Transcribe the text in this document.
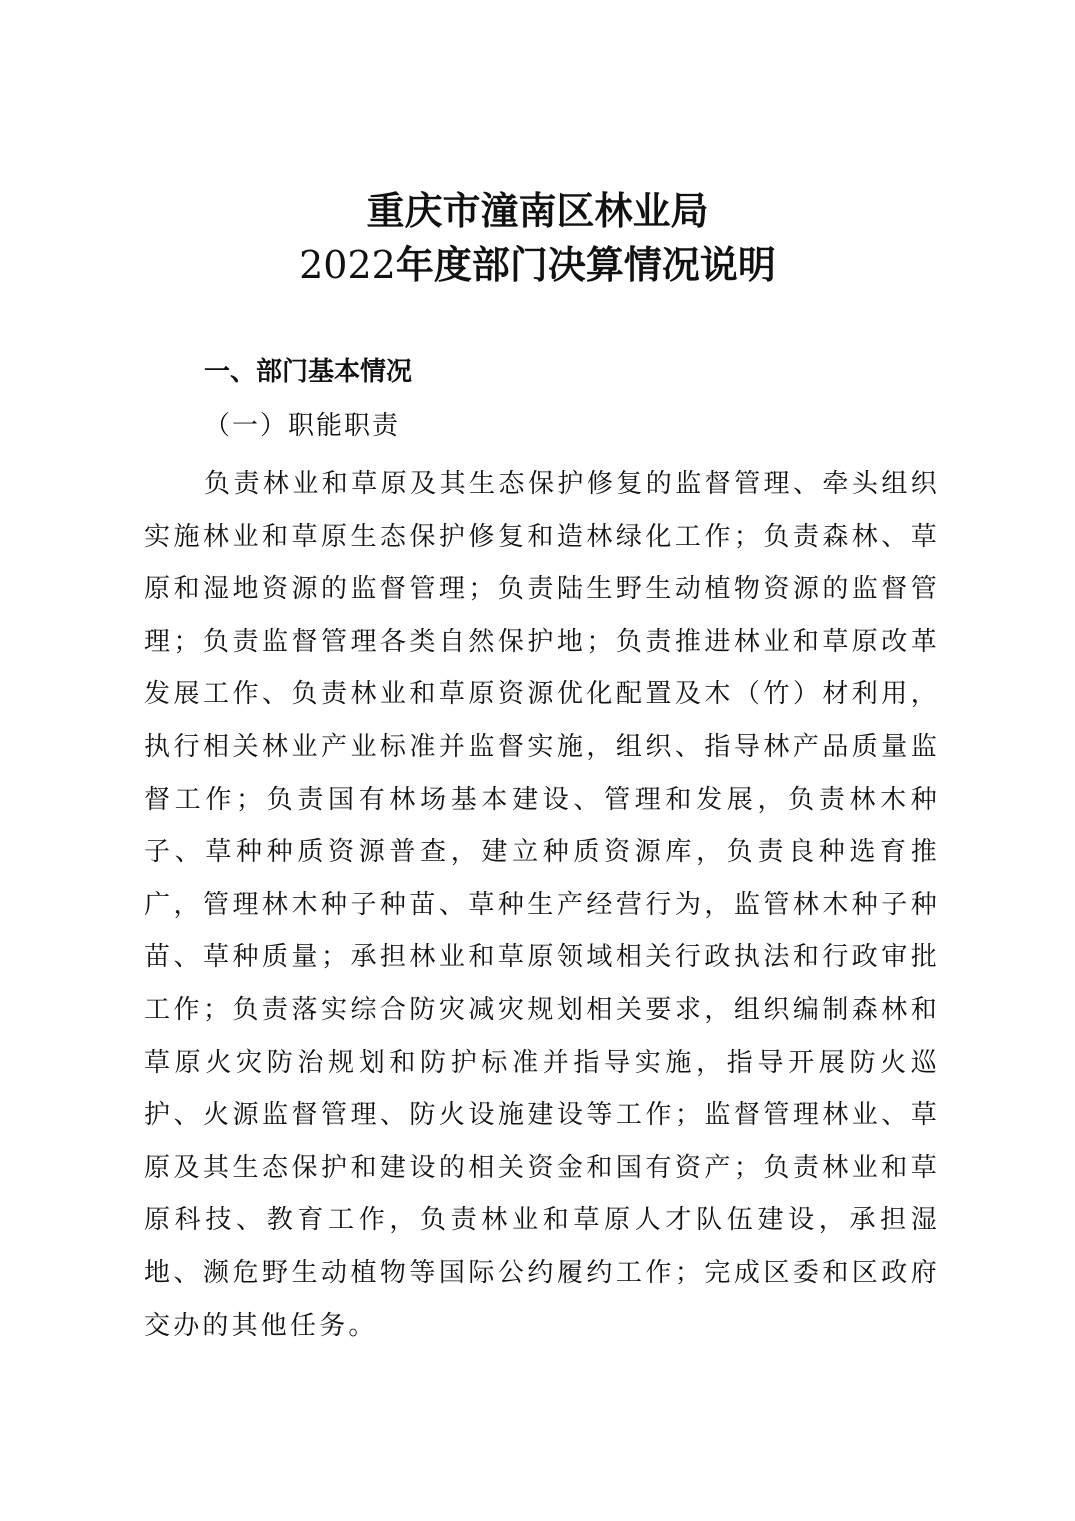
重庆市潼南区林业局
2022年度部门决算情况说明
一、部门基本情况
（一）职能职责

负责林业和草原及其生态保护修复的监督管理、牵头组织实施林业和草原生态保护修复和造林绿化工作；负责森林、草原和湿地资源的监督管理；负责陆生野生动植物资源的监督管理；负责监督管理各类自然保护地；负责推进林业和草原改革发展工作、负责林业和草原资源优化配置及木（竹）材利用，执行相关林业产业标准并监督实施，组织、指导林产品质量监督工作；负责国有林场基本建设、管理和发展，负责林木种子、草种种质资源普查，建立种质资源库，负责良种选育推广，管理林木种子种苗、草种生产经营行为，监管林木种子种苗、草种质量；承担林业和草原领域相关行政执法和行政审批工作；负责落实综合防灾减灾规划相关要求，组织编制森林和草原火灾防治规划和防护标准并指导实施，指导开展防火巡护、火源监督管理、防火设施建设等工作；监督管理林业、草原及其生态保护和建设的相关资金和国有资产；负责林业和草原科技、教育工作，负责林业和草原人才队伍建设，承担湿地、濒危野生动植物等国际公约履约工作；完成区委和区政府交办的其他任务。
